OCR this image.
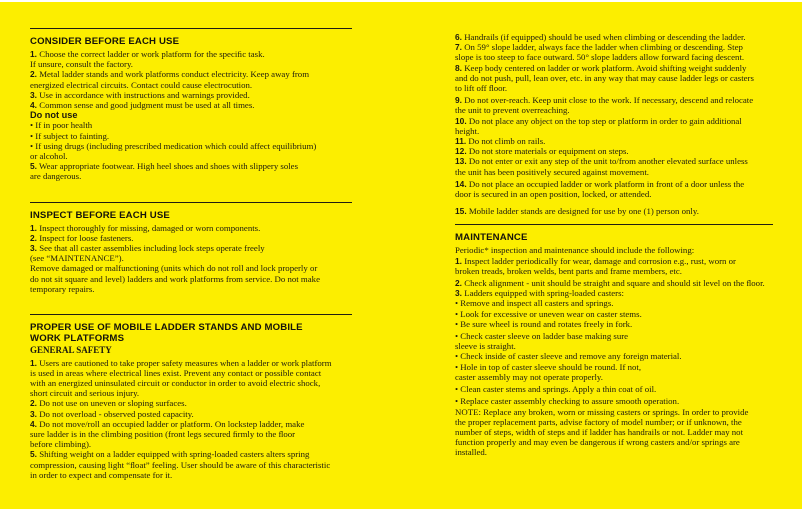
CONSIDER BEFORE EACH USE
1. Choose the correct ladder or work platform for the speciﬁc task.
If unsure, consult the factory.
2. Metal ladder stands and work platforms conduct electricity. Keep away from
energized electrical circuits. Contact could cause electrocution.
3. Use in accordance with instructions and warnings provided.
4. Common sense and good judgment must be used at all times.
Do not use
• If in poor health
• If subject to fainting.
• If using drugs (including prescribed medication which could affect equilibrium)
or alcohol.
5. Wear appropriate footwear. High heel shoes and shoes with slippery soles
are dangerous.
INSPECT BEFORE EACH USE
1. Inspect thoroughly for missing, damaged or worn components.
2. Inspect for loose fasteners.
3. See that all caster assemblies including lock steps operate freely
(see “MAINTENANCE”).
Remove damaged or malfunctioning (units which do not roll and lock properly or
do not sit square and level) ladders and work platforms from service. Do not make
temporary repairs.
PROPER USE OF MOBILE LADDER STANDS AND MOBILE
WORK PLATFORMS
GENERAL SAFETY
1. Users are cautioned to take proper safety measures when a ladder or work platform
is used in areas where electrical lines exist. Prevent any contact or possible contact
with an energized uninsulated circuit or conductor in order to avoid electric shock,
short circuit and serious injury.
2. Do not use on uneven or sloping surfaces.
3. Do not overload - observed posted capacity.
4. Do not move/roll an occupied ladder or platform. On lockstep ladder, make
sure ladder is in the climbing position (front legs secured ﬁrmly to the ﬂoor
before climbing).
5. Shifting weight on a ladder equipped with spring-loaded casters alters spring
compression, causing light “ﬂoat” feeling. User should be aware of this characteristic
in order to expect and compensate for it.
6. Handrails (if equipped) should be used when climbing or descending the ladder.
7. On 59° slope ladder, always face the ladder when climbing or descending. Step
slope is too steep to face outward. 50° slope ladders allow forward facing descent.
8. Keep body centered on ladder or work platform. Avoid shifting weight suddenly
and do not push, pull, lean over, etc. in any way that may cause ladder legs or casters
to lift off ﬂoor.
9. Do not over-reach. Keep unit close to the work. If necessary, descend and relocate
the unit to prevent overreaching.
10. Do not place any object on the top step or platform in order to gain additional
height.
11. Do not climb on rails.
12. Do not store materials or equipment on steps.
13. Do not enter or exit any step of the unit to/from another elevated surface unless
the unit has been positively secured against movement.
14. Do not place an occupied ladder or work platform in front of a door unless the
door is secured in an open position, locked, or attended.
15. Mobile ladder stands are designed for use by one (1) person only.
MAINTENANCE
Periodic* inspection and maintenance should include the following:
1. Inspect ladder periodically for wear, damage and corrosion e.g., rust, worn or
broken treads, broken welds, bent parts and frame members, etc.
2. Check alignment - unit should be straight and square and should sit level on the ﬂoor.
3. Ladders equipped with spring-loaded casters:
• Remove and inspect all casters and springs.
• Look for excessive or uneven wear on caster stems.
• Be sure wheel is round and rotates freely in fork.
• Check caster sleeve on ladder base making sure
sleeve is straight.
• Check inside of caster sleeve and remove any foreign material.
• Hole in top of caster sleeve should be round. If not,
caster assembly may not operate properly.
• Clean caster stems and springs. Apply a thin coat of oil.
• Replace caster assembly checking to assure smooth operation.
NOTE: Replace any broken, worn or missing casters or springs. In order to provide
the proper replacement parts, advise factory of model number; or if unknown, the
number of steps, width of steps and if ladder has handrails or not. Ladder may not
function properly and may even be dangerous if wrong casters and/or springs are
installed.
